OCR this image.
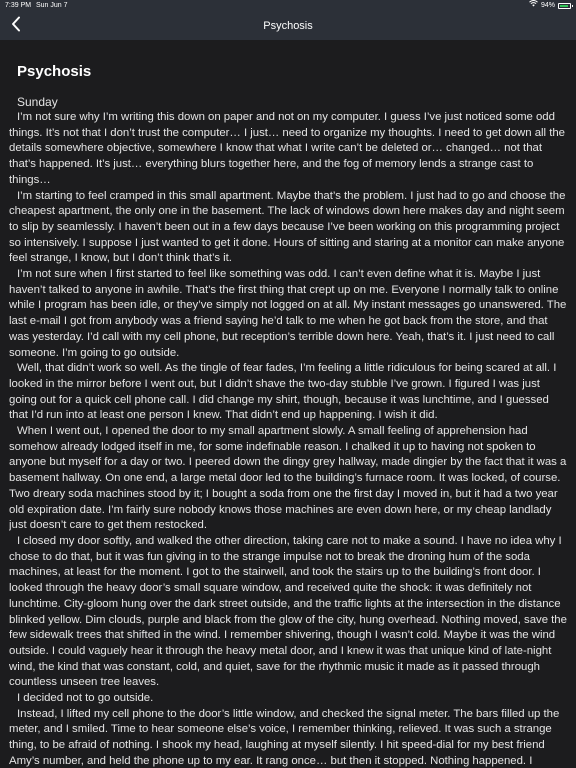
7:39 PM Sun Jun 7	94%
Psychosis
Psychosis
Sunday

I’m not sure why I’m writing this down on paper and not on my computer. I guess I’ve just noticed some odd things. It’s not that I don’t trust the computer… I just… need to organize my thoughts. I need to get down all the details somewhere objective, somewhere I know that what I write can’t be deleted or… changed… not that that’s happened. It’s just… everything blurs together here, and the fog of memory lends a strange cast to things…

I’m starting to feel cramped in this small apartment. Maybe that’s the problem. I just had to go and choose the cheapest apartment, the only one in the basement. The lack of windows down here makes day and night seem to slip by seamlessly. I haven’t been out in a few days because I’ve been working on this programming project so intensively. I suppose I just wanted to get it done. Hours of sitting and staring at a monitor can make anyone feel strange, I know, but I don’t think that’s it.

I’m not sure when I first started to feel like something was odd. I can’t even define what it is. Maybe I just haven’t talked to anyone in awhile. That’s the first thing that crept up on me. Everyone I normally talk to online while I program has been idle, or they’ve simply not logged on at all. My instant messages go unanswered. The last e-mail I got from anybody was a friend saying he’d talk to me when he got back from the store, and that was yesterday. I’d call with my cell phone, but reception’s terrible down here. Yeah, that’s it. I just need to call someone. I’m going to go outside.

Well, that didn’t work so well. As the tingle of fear fades, I’m feeling a little ridiculous for being scared at all. I looked in the mirror before I went out, but I didn’t shave the two-day stubble I’ve grown. I figured I was just going out for a quick cell phone call. I did change my shirt, though, because it was lunchtime, and I guessed that I’d run into at least one person I knew. That didn’t end up happening. I wish it did.

When I went out, I opened the door to my small apartment slowly. A small feeling of apprehension had somehow already lodged itself in me, for some indefinable reason. I chalked it up to having not spoken to anyone but myself for a day or two. I peered down the dingy grey hallway, made dingier by the fact that it was a basement hallway. On one end, a large metal door led to the building’s furnace room. It was locked, of course. Two dreary soda machines stood by it; I bought a soda from one the first day I moved in, but it had a two year old expiration date. I’m fairly sure nobody knows those machines are even down here, or my cheap landlady just doesn’t care to get them restocked.

I closed my door softly, and walked the other direction, taking care not to make a sound. I have no idea why I chose to do that, but it was fun giving in to the strange impulse not to break the droning hum of the soda machines, at least for the moment. I got to the stairwell, and took the stairs up to the building’s front door. I looked through the heavy door’s small square window, and received quite the shock: it was definitely not lunchtime. City-gloom hung over the dark street outside, and the traffic lights at the intersection in the distance blinked yellow. Dim clouds, purple and black from the glow of the city, hung overhead. Nothing moved, save the few sidewalk trees that shifted in the wind. I remember shivering, though I wasn’t cold. Maybe it was the wind outside. I could vaguely hear it through the heavy metal door, and I knew it was that unique kind of late-night wind, the kind that was constant, cold, and quiet, save for the rhythmic music it made as it passed through countless unseen tree leaves.

I decided not to go outside.

Instead, I lifted my cell phone to the door’s little window, and checked the signal meter. The bars filled up the meter, and I smiled. Time to hear someone else’s voice, I remember thinking, relieved. It was such a strange thing, to be afraid of nothing. I shook my head, laughing at myself silently. I hit speed-dial for my best friend Amy’s number, and held the phone up to my ear. It rang once… but then it stopped. Nothing happened. I
